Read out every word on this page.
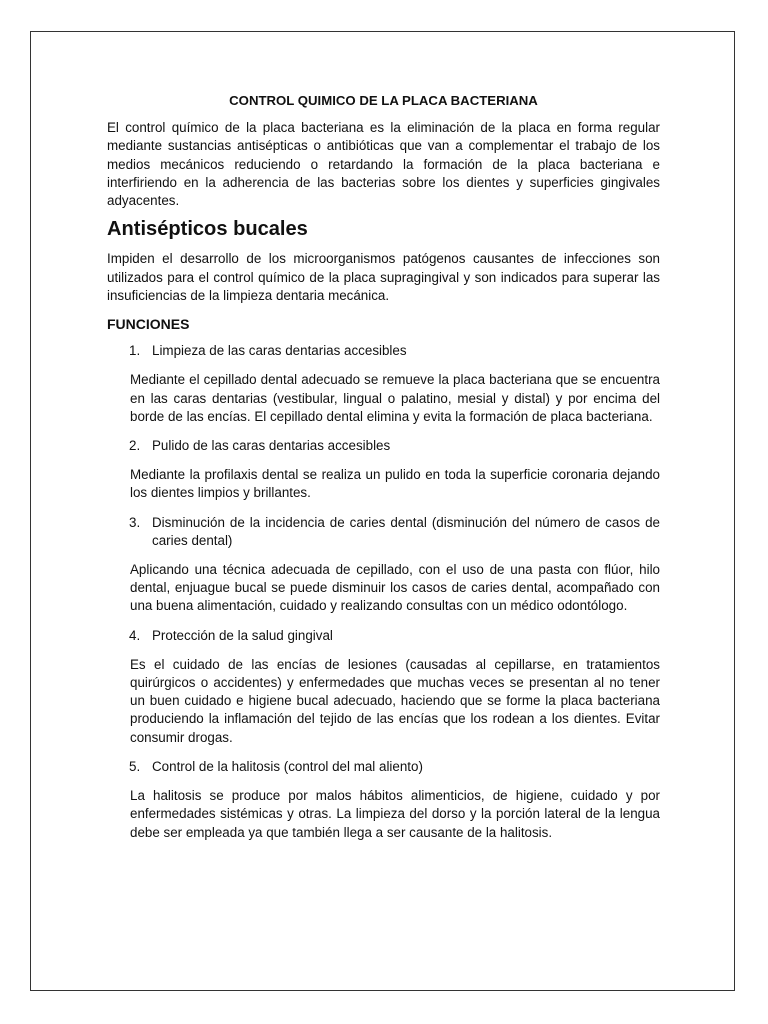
CONTROL QUIMICO DE LA PLACA BACTERIANA

El control químico de la placa bacteriana es la eliminación de la placa en forma regular mediante sustancias antisépticas o antibióticas que van a complementar el trabajo de los medios mecánicos reduciendo o retardando la formación de la placa bacteriana e interfiriendo en la adherencia de las bacterias sobre los dientes y superficies gingivales adyacentes.

Antisépticos bucales

Impiden el desarrollo de los microorganismos patógenos causantes de infecciones son utilizados para el control químico de la placa supragingival y son indicados para superar las insuficiencias de la limpieza dentaria mecánica.

FUNCIONES
1. Limpieza de las caras dentarias accesibles

Mediante el cepillado dental adecuado se remueve la placa bacteriana que se encuentra en las caras dentarias (vestibular, lingual o palatino, mesial y distal) y por encima del borde de las encías. El cepillado dental elimina y evita la formación de placa bacteriana.

2. Pulido de las caras dentarias accesibles

Mediante la profilaxis dental se realiza un pulido en toda la superficie coronaria dejando los dientes limpios y brillantes.

3. Disminución de la incidencia de caries dental (disminución del número de casos de caries dental)

Aplicando una técnica adecuada de cepillado, con el uso de una pasta con flúor, hilo dental, enjuague bucal se puede disminuir los casos de caries dental, acompañado con una buena alimentación, cuidado y realizando consultas con un médico odontólogo.

4. Protección de la salud gingival

Es el cuidado de las encías de lesiones (causadas al cepillarse, en tratamientos quirúrgicos o accidentes) y enfermedades que muchas veces se presentan al no tener un buen cuidado e higiene bucal adecuado, haciendo que se forme la placa bacteriana produciendo la inflamación del tejido de las encías que los rodean a los dientes. Evitar consumir drogas.

5. Control de la halitosis (control del mal aliento)

La halitosis se produce por malos hábitos alimenticios, de higiene, cuidado y por enfermedades sistémicas y otras. La limpieza del dorso y la porción lateral de la lengua debe ser empleada ya que también llega a ser causante de la halitosis.
